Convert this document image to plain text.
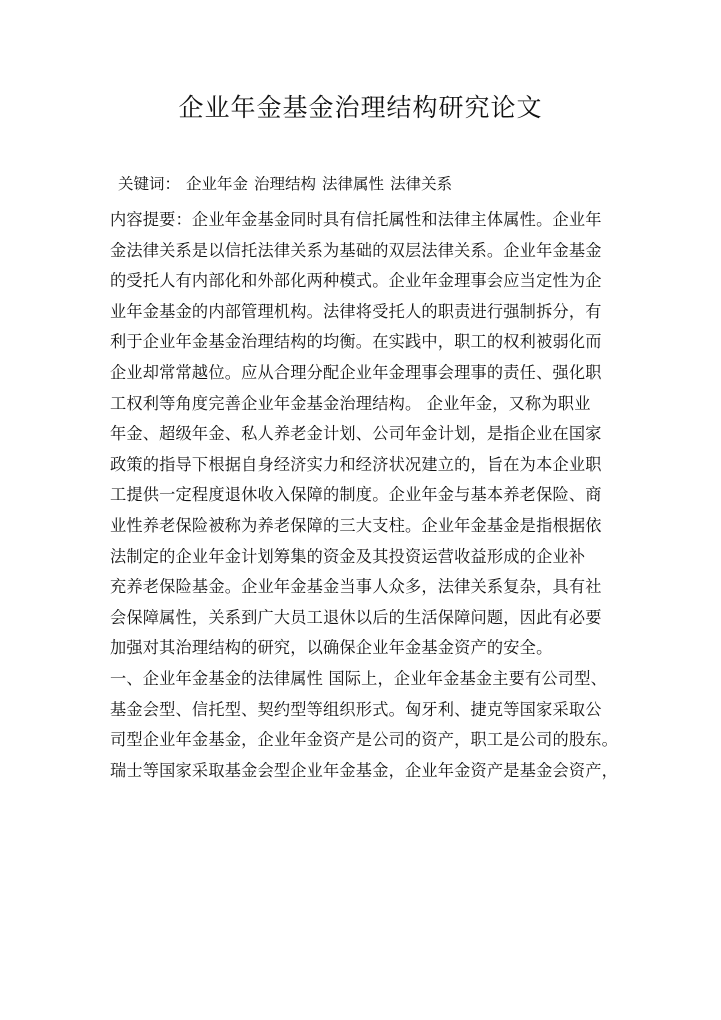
企业年金基金治理结构研究论文
关键词： 企业年金 治理结构 法律属性 法律关系
内容提要：企业年金基金同时具有信托属性和法律主体属性。企业年
金法律关系是以信托法律关系为基础的双层法律关系。企业年金基金
的受托人有内部化和外部化两种模式。企业年金理事会应当定性为企
业年金基金的内部管理机构。法律将受托人的职责进行强制拆分，有
利于企业年金基金治理结构的均衡。在实践中，职工的权利被弱化而
企业却常常越位。应从合理分配企业年金理事会理事的责任、强化职
工权利等角度完善企业年金基金治理结构。 企业年金，又称为职业
年金、超级年金、私人养老金计划、公司年金计划，是指企业在国家
政策的指导下根据自身经济实力和经济状况建立的，旨在为本企业职
工提供一定程度退休收入保障的制度。企业年金与基本养老保险、商
业性养老保险被称为养老保障的三大支柱。企业年金基金是指根据依
法制定的企业年金计划筹集的资金及其投资运营收益形成的企业补
充养老保险基金。企业年金基金当事人众多，法律关系复杂，具有社
会保障属性，关系到广大员工退休以后的生活保障问题，因此有必要
加强对其治理结构的研究，以确保企业年金基金资产的安全。
一、企业年金基金的法律属性 国际上，企业年金基金主要有公司型、
基金会型、信托型、契约型等组织形式。匈牙利、捷克等国家采取公
司型企业年金基金，企业年金资产是公司的资产，职工是公司的股东。
瑞士等国家采取基金会型企业年金基金，企业年金资产是基金会资产，
